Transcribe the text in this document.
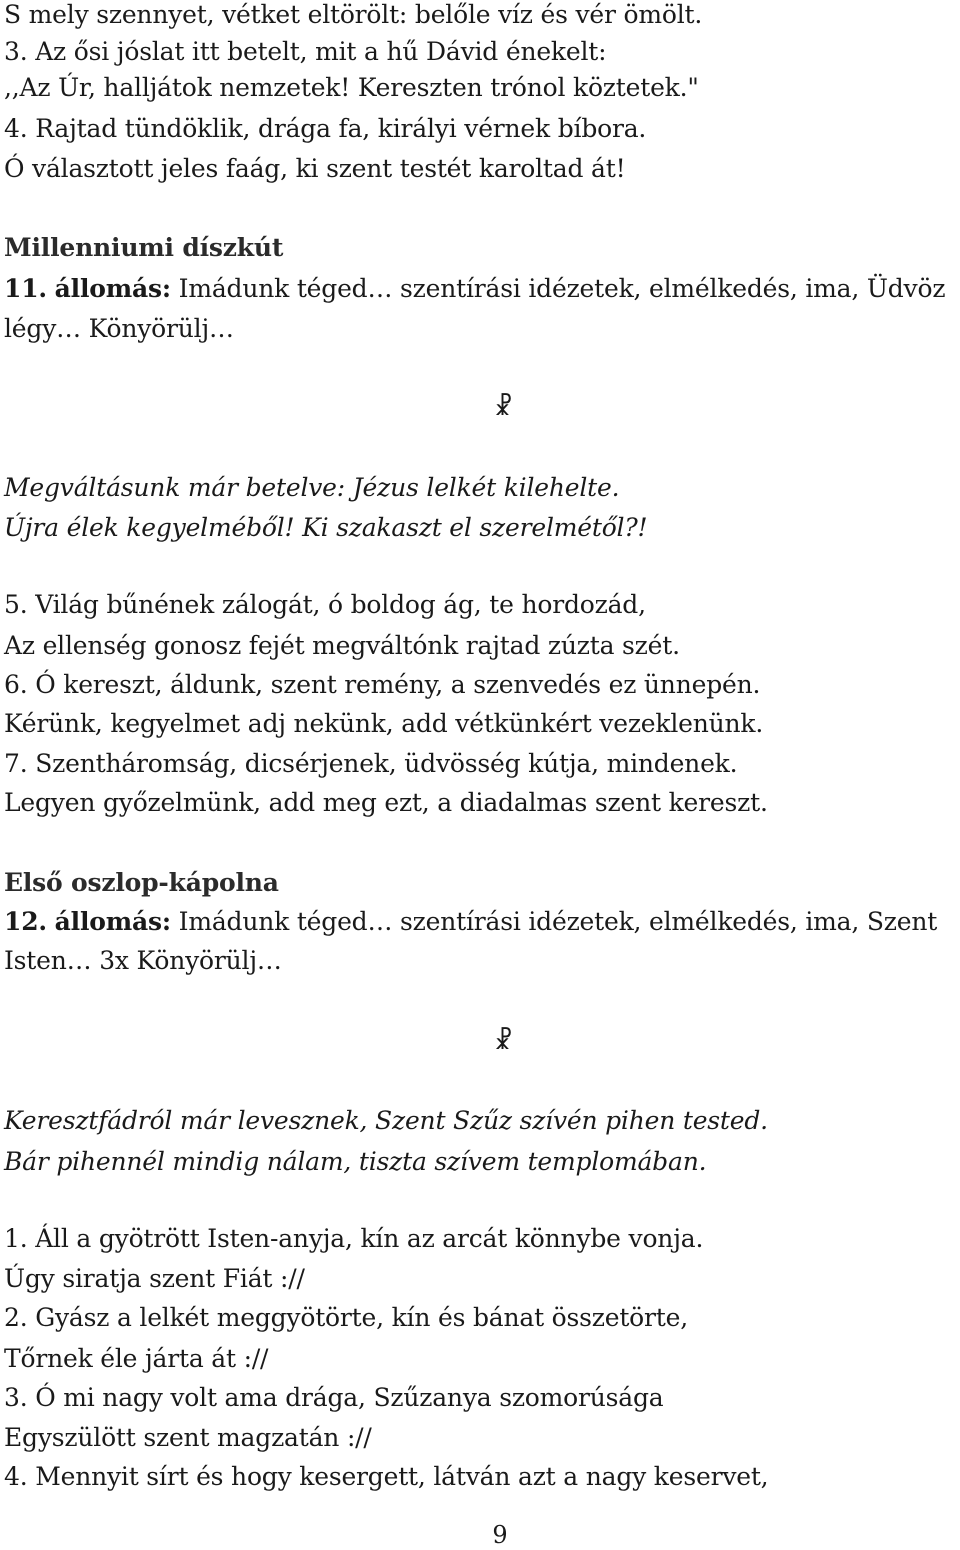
S mely szennyet, vétket eltörölt: belőle víz és vér ömölt.
3. Az ősi jóslat itt betelt, mit a hű Dávid énekelt:
,,Az Úr, halljátok nemzetek! Kereszten trónol köztetek."
4. Rajtad tündöklik, drága fa, királyi vérnek bíbora.
Ó választott jeles faág, ki szent testét karoltad át!
Millenniumi díszkút
11. állomás: Imádunk téged… szentírási idézetek, elmélkedés, ima, Üdvöz
légy… Könyörülj…
☧
Megváltásunk már betelve: Jézus lelkét kilehelte.
Újra élek kegyelméből! Ki szakaszt el szerelmétől?!
5. Világ bűnének zálogát, ó boldog ág, te hordozád,
Az ellenség gonosz fejét megváltónk rajtad zúzta szét.
6. Ó kereszt, áldunk, szent remény, a szenvedés ez ünnepén.
Kérünk, kegyelmet adj nekünk, add vétkünkért vezeklenünk.
7. Szentháromság, dicsérjenek, üdvösség kútja, mindenek.
Legyen győzelmünk, add meg ezt, a diadalmas szent kereszt.
Első oszlop-kápolna
12. állomás: Imádunk téged… szentírási idézetek, elmélkedés, ima, Szent
Isten… 3x Könyörülj…
☧
Keresztfádról már levesznek, Szent Szűz szívén pihen tested.
Bár pihennél mindig nálam, tiszta szívem templomában.
1. Áll a gyötrött Isten-anyja, kín az arcát könnybe vonja.
Úgy siratja szent Fiát ://
2. Gyász a lelkét meggyötörte, kín és bánat összetörte,
Tőrnek éle járta át ://
3. Ó mi nagy volt ama drága, Szűzanya szomorúsága
Egyszülött szent magzatán ://
4. Mennyit sírt és hogy kesergett, látván azt a nagy keservet,
9
